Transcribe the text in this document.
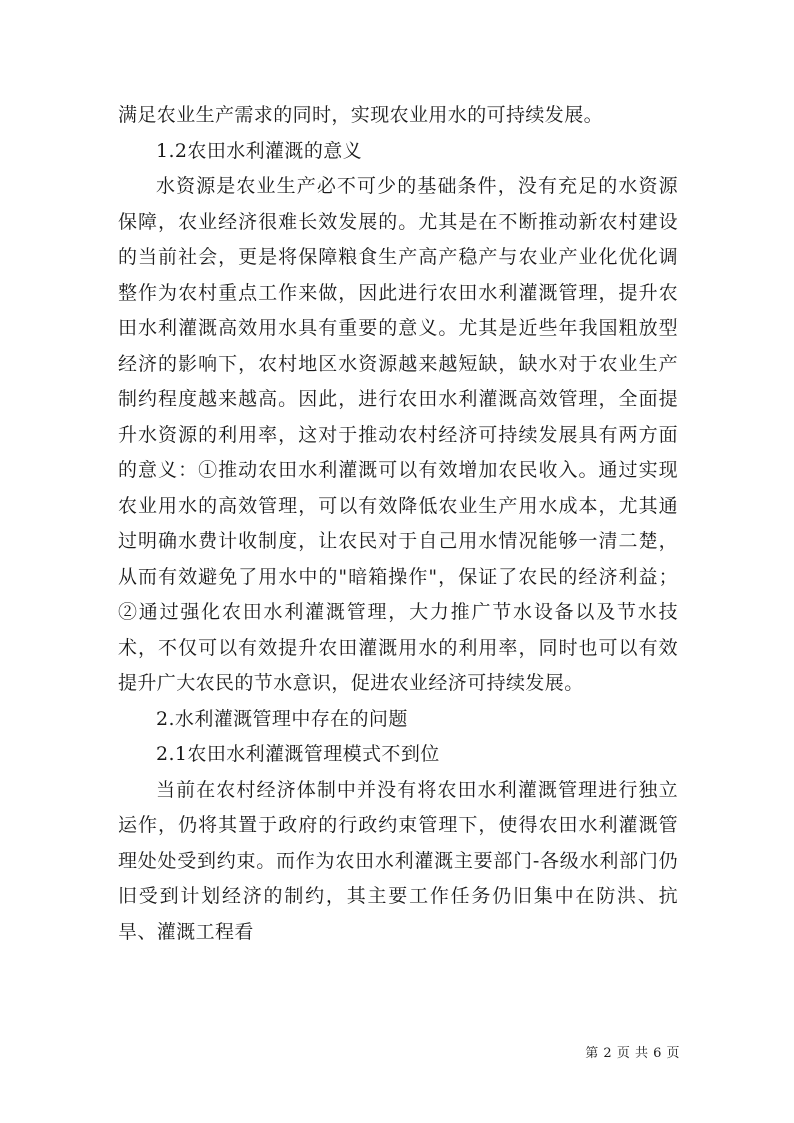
满足农业生产需求的同时，实现农业用水的可持续发展。

1.2农田水利灌溉的意义

水资源是农业生产必不可少的基础条件，没有充足的水资源保障，农业经济很难长效发展的。尤其是在不断推动新农村建设的当前社会，更是将保障粮食生产高产稳产与农业产业化优化调整作为农村重点工作来做，因此进行农田水利灌溉管理，提升农田水利灌溉高效用水具有重要的意义。尤其是近些年我国粗放型经济的影响下，农村地区水资源越来越短缺，缺水对于农业生产制约程度越来越高。因此，进行农田水利灌溉高效管理，全面提升水资源的利用率，这对于推动农村经济可持续发展具有两方面的意义：①推动农田水利灌溉可以有效增加农民收入。通过实现农业用水的高效管理，可以有效降低农业生产用水成本，尤其通过明确水费计收制度，让农民对于自己用水情况能够一清二楚，从而有效避免了用水中的"暗箱操作"，保证了农民的经济利益；②通过强化农田水利灌溉管理，大力推广节水设备以及节水技术，不仅可以有效提升农田灌溉用水的利用率，同时也可以有效提升广大农民的节水意识，促进农业经济可持续发展。

2.水利灌溉管理中存在的问题

2.1农田水利灌溉管理模式不到位

当前在农村经济体制中并没有将农田水利灌溉管理进行独立运作，仍将其置于政府的行政约束管理下，使得农田水利灌溉管理处处受到约束。而作为农田水利灌溉主要部门-各级水利部门仍旧受到计划经济的制约，其主要工作任务仍旧集中在防洪、抗旱、灌溉工程看

第 2 页 共 6 页
